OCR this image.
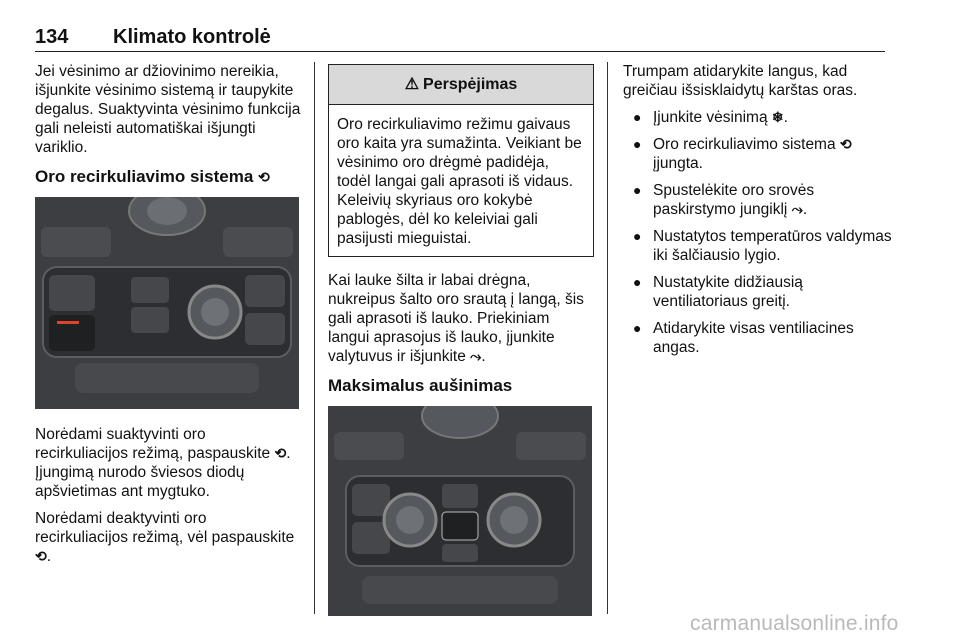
134 Klimato kontrolė

Jei vėsinimo ar džiovinimo nereikia, išjunkite vėsinimo sistemą ir taupykite degalus. Suaktyvinta vėsinimo funkcija gali neleisti automatiškai išjungti variklio.

Oro recirkuliavimo sistema ⟲

Norėdami suaktyvinti oro recirkuliacijos režimą, paspauskite ⟲. Įjungimą nurodo šviesos diodų apšvietimas ant mygtuko.

Norėdami deaktyvinti oro recirkuliacijos režimą, vėl paspauskite ⟲.

⚠ Perspėjimas
Oro recirkuliavimo režimu gaivaus oro kaita yra sumažinta. Veikiant be vėsinimo oro drėgmė padidėja, todėl langai gali aprasoti iš vidaus. Keleivių skyriaus oro kokybė pablogės, dėl ko keleiviai gali pasijusti mieguistai.

Kai lauke šilta ir labai drėgna, nukreipus šalto oro srautą į langą, šis gali aprasoti iš lauko. Priekiniam langui aprasojus iš lauko, įjunkite valytuvus ir išjunkite ⤳.

Maksimalus aušinimas

Trumpam atidarykite langus, kad greičiau išsisklaidytų karštas oras.

● Įjunkite vėsinimą ❄.
● Oro recirkuliavimo sistema ⟲
įjungta.
● Spustelėkite oro srovės paskirstymo jungiklį ⤳.
● Nustatytos temperatūros valdymas iki šalčiausio lygio.
● Nustatykite didžiausią ventiliatoriaus greitį.
● Atidarykite visas ventiliacines angas.
carmanualsonline.info
